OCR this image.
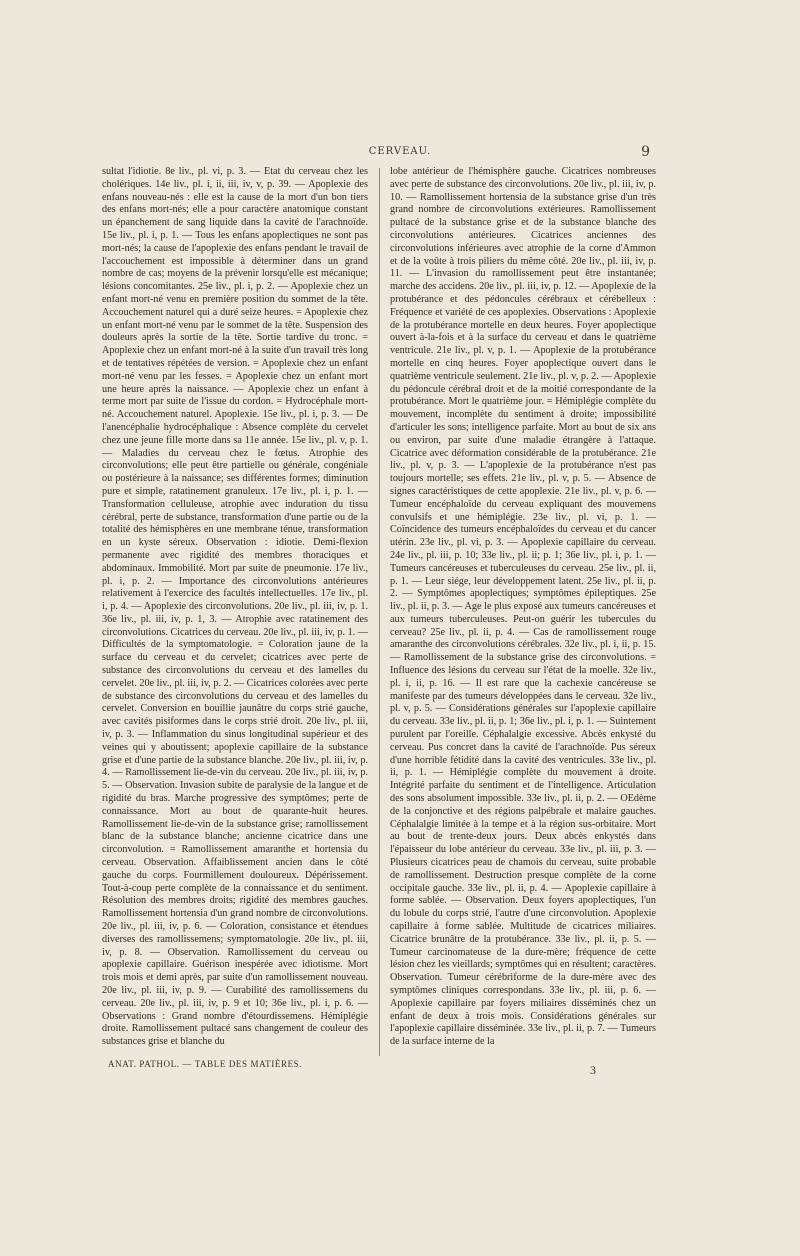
CERVEAU.	9

sultat l'idiotie. 8e liv., pl. vi, p. 3. — Etat du cerveau chez les cholériques. 14e liv., pl. i, ii, iii, iv, v, p. 39. — Apoplexie des enfans nouveau-nés : elle est la cause de la mort d'un bon tiers des enfans mort-nés; elle a pour caractère anatomique constant un épanchement de sang liquide dans la cavité de l'arachnoïde. 15e liv., pl. i, p. 1. — Tous les enfans apoplectiques ne sont pas mort-nés; la cause de l'apoplexie des enfans pendant le travail de l'accouchement est impossible à déterminer dans un grand nombre de cas; moyens de la prévenir lorsqu'elle est mécanique; lésions concomitantes. 25e liv., pl. i, p. 2. — Apoplexie chez un enfant mort-né venu en première position du sommet de la tête. Accouchement naturel qui a duré seize heures. = Apoplexie chez un enfant mort-né venu par le sommet de la tête. Suspension des douleurs après la sortie de la tête. Sortie tardive du tronc. = Apoplexie chez un enfant mort-né à la suite d'un travail très long et de tentatives répétées de version. = Apoplexie chez un enfant mort-né venu par les fesses. = Apoplexie chez un enfant mort une heure après la naissance. — Apoplexie chez un enfant à terme mort par suite de l'issue du cordon. = Hydrocéphale mort-né. Accouchement naturel. Apoplexie. 15e liv., pl. i, p. 3. — De l'anencéphalie hydrocéphalique : Absence complète du cervelet chez une jeune fille morte dans sa 11e année. 15e liv., pl. v, p. 1. — Maladies du cerveau chez le fœtus. Atrophie des circonvolutions; elle peut être partielle ou générale, congéniale ou postérieure à la naissance; ses différentes formes; diminution pure et simple, ratatinement granuleux. 17e liv., pl. i, p. 1. — Transformation celluleuse, atrophie avec induration du tissu cérébral, perte de substance, transformation d'une partie ou de la totalité des hémisphères en une membrane ténue, transformation en un kyste séreux. Observation : idiotie. Demi-flexion permanente avec rigidité des membres thoraciques et abdominaux. Immobilité. Mort par suite de pneumonie. 17e liv., pl. i, p. 2. — Importance des circonvolutions antérieures relativement à l'exercice des facultés intellectuelles. 17e liv., pl. i, p. 4. — Apoplexie des circonvolutions. 20e liv., pl. iii, iv, p. 1. 36e liv., pl. iii, iv, p. 1, 3. — Atrophie avec ratatinement des circonvolutions. Cicatrices du cerveau. 20e liv., pl. iii, iv, p. 1. — Difficultés de la symptomatologie. = Coloration jaune de la surface du cerveau et du cervelet; cicatrices avec perte de substance des circonvolutions du cerveau et des lamelles du cervelet. 20e liv., pl. iii, iv, p. 2. — Cicatrices colorées avec perte de substance des circonvolutions du cerveau et des lamelles du cervelet. Conversion en bouillie jaunâtre du corps strié gauche, avec cavités pisiformes dans le corps strié droit. 20e liv., pl. iii, iv, p. 3. — Inflammation du sinus longitudinal supérieur et des veines qui y aboutissent; apoplexie capillaire de la substance grise et d'une partie de la substance blanche. 20e liv., pl. iii, iv, p. 4. — Ramollissement lie-de-vin du cerveau. 20e liv., pl. iii, iv, p. 5. — Observation. Invasion subite de paralysie de la langue et de rigidité du bras. Marche progressive des symptômes; perte de connaissance. Mort au bout de quarante-huit heures. Ramollissement lie-de-vin de la substance grise; ramollissement blanc de la substance blanche; ancienne cicatrice dans une circonvolution. = Ramollissement amaranthe et hortensia du cerveau. Observation. Affaiblissement ancien dans le côté gauche du corps. Fourmillement douloureux. Dépérissement. Tout-à-coup perte complète de la connaissance et du sentiment. Résolution des membres droits; rigidité des membres gauches. Ramollissement hortensia d'un grand nombre de circonvolutions. 20e liv., pl. iii, iv, p. 6. — Coloration, consistance et étendues diverses des ramollissemens; symptomatologie. 20e liv., pl. iii, iv, p. 8. — Observation. Ramollissement du cerveau ou apoplexie capillaire. Guérison inespérée avec idiotisme. Mort trois mois et demi après, par suite d'un ramollissement nouveau. 20e liv., pl. iii, iv, p. 9. — Curabilité des ramollissemens du cerveau. 20e liv., pl. iii, iv, p. 9 et 10; 36e liv., pl. i, p. 6. — Observations : Grand nombre d'étourdissemens. Hémiplégie droite. Ramollissement pultacé sans changement de couleur des substances grise et blanche du

lobe antérieur de l'hémisphère gauche. Cicatrices nombreuses avec perte de substance des circonvolutions. 20e liv., pl. iii, iv, p. 10. — Ramollissement hortensia de la substance grise d'un très grand nombre de circonvolutions extérieures. Ramollissement pultacé de la substance grise et de la substance blanche des circonvolutions antérieures. Cicatrices anciennes des circonvolutions inférieures avec atrophie de la corne d'Ammon et de la voûte à trois piliers du même côté. 20e liv., pl. iii, iv, p. 11. — L'invasion du ramollissement peut être instantanée; marche des accidens. 20e liv., pl. iii, iv, p. 12. — Apoplexie de la protubérance et des pédoncules cérébraux et cérébelleux : Fréquence et variété de ces apoplexies. Observations : Apoplexie de la protubérance mortelle en deux heures. Foyer apoplectique ouvert à-la-fois et à la surface du cerveau et dans le quatrième ventricule. 21e liv., pl. v, p. 1. — Apoplexie de la protubérance mortelle en cinq heures. Foyer apoplectique ouvert dans le quatrième ventricule seulement. 21e liv., pl. v, p. 2. — Apoplexie du pédoncule cérébral droit et de la moitié correspondante de la protubérance. Mort le quatrième jour. = Hémiplégie complète du mouvement, incomplète du sentiment à droite; impossibilité d'articuler les sons; intelligence parfaite. Mort au bout de six ans ou environ, par suite d'une maladie étrangère à l'attaque. Cicatrice avec déformation considérable de la protubérance. 21e liv., pl. v, p. 3. — L'apoplexie de la protubérance n'est pas toujours mortelle; ses effets. 21e liv., pl. v, p. 5. — Absence de signes caractéristiques de cette apoplexie. 21e liv., pl. v, p. 6. — Tumeur encéphaloïde du cerveau expliquant des mouvemens convulsifs et une hémiplégie. 23e liv., pl. vi, p. 1. — Coïncidence des tumeurs encéphaloïdes du cerveau et du cancer utérin. 23e liv., pl. vi, p. 3. — Apoplexie capillaire du cerveau. 24e liv., pl. iii, p. 10; 33e liv., pl. ii; p. 1; 36e liv., pl. i, p. 1. — Tumeurs cancéreuses et tuberculeuses du cerveau. 25e liv., pl. ii, p. 1. — Leur siége, leur développement latent. 25e liv., pl. ii, p. 2. — Symptômes apoplectiques; symptômes épileptiques. 25e liv., pl. ii, p. 3. — Age le plus exposé aux tumeurs cancéreuses et aux tumeurs tuberculeuses. Peut-on guérir les tubercules du cerveau? 25e liv., pl. ii, p. 4. — Cas de ramollissement rouge amaranthe des circonvolutions cérébrales. 32e liv., pl. i, ii, p. 15. — Ramollissement de la substance grise des circonvolutions. = Influence des lésions du cerveau sur l'état de la moelle. 32e liv., pl. i, ii, p. 16. — Il est rare que la cachexie cancéreuse se manifeste par des tumeurs développées dans le cerveau. 32e liv., pl. v, p. 5. — Considérations générales sur l'apoplexie capillaire du cerveau. 33e liv., pl. ii, p. 1; 36e liv., pl. i, p. 1. — Suintement purulent par l'oreille. Céphalalgie excessive. Abcès enkysté du cerveau. Pus concret dans la cavité de l'arachnoïde. Pus séreux d'une horrible fétidité dans la cavité des ventricules. 33e liv., pl. ii, p. 1. — Hémiplégie complète du mouvement à droite. Intégrité parfaite du sentiment et de l'intelligence. Articulation des sons absolument impossible. 33e liv., pl. ii, p. 2. — OEdème de la conjonctive et des régions palpébrale et malaire gauches. Céphalalgie limitée à la tempe et à la région sus-orbitaire. Mort au bout de trente-deux jours. Deux abcès enkystés dans l'épaisseur du lobe antérieur du cerveau. 33e liv., pl. iii, p. 3. — Plusieurs cicatrices peau de chamois du cerveau, suite probable de ramollissement. Destruction presque complète de la corne occipitale gauche. 33e liv., pl. ii, p. 4. — Apoplexie capillaire à forme sablée. — Observation. Deux foyers apoplectiques, l'un du lobule du corps strié, l'autre d'une circonvolution. Apoplexie capillaire à forme sablée. Multitude de cicatrices miliaires. Cicatrice brunâtre de la protubérance. 33e liv., pl. ii, p. 5. — Tumeur carcinomateuse de la dure-mère; fréquence de cette lésion chez les vieillards; symptômes qui en résultent; caractères. Observation. Tumeur cérébriforme de la dure-mère avec des symptômes cliniques correspondans. 33e liv., pl. iii, p. 6. — Apoplexie capillaire par foyers miliaires disséminés chez un enfant de deux à trois mois. Considérations générales sur l'apoplexie capillaire disséminée. 33e liv., pl. ii, p. 7. — Tumeurs de la surface interne de la

ANAT. PATHOL. — TABLE DES MATIÈRES.	3
